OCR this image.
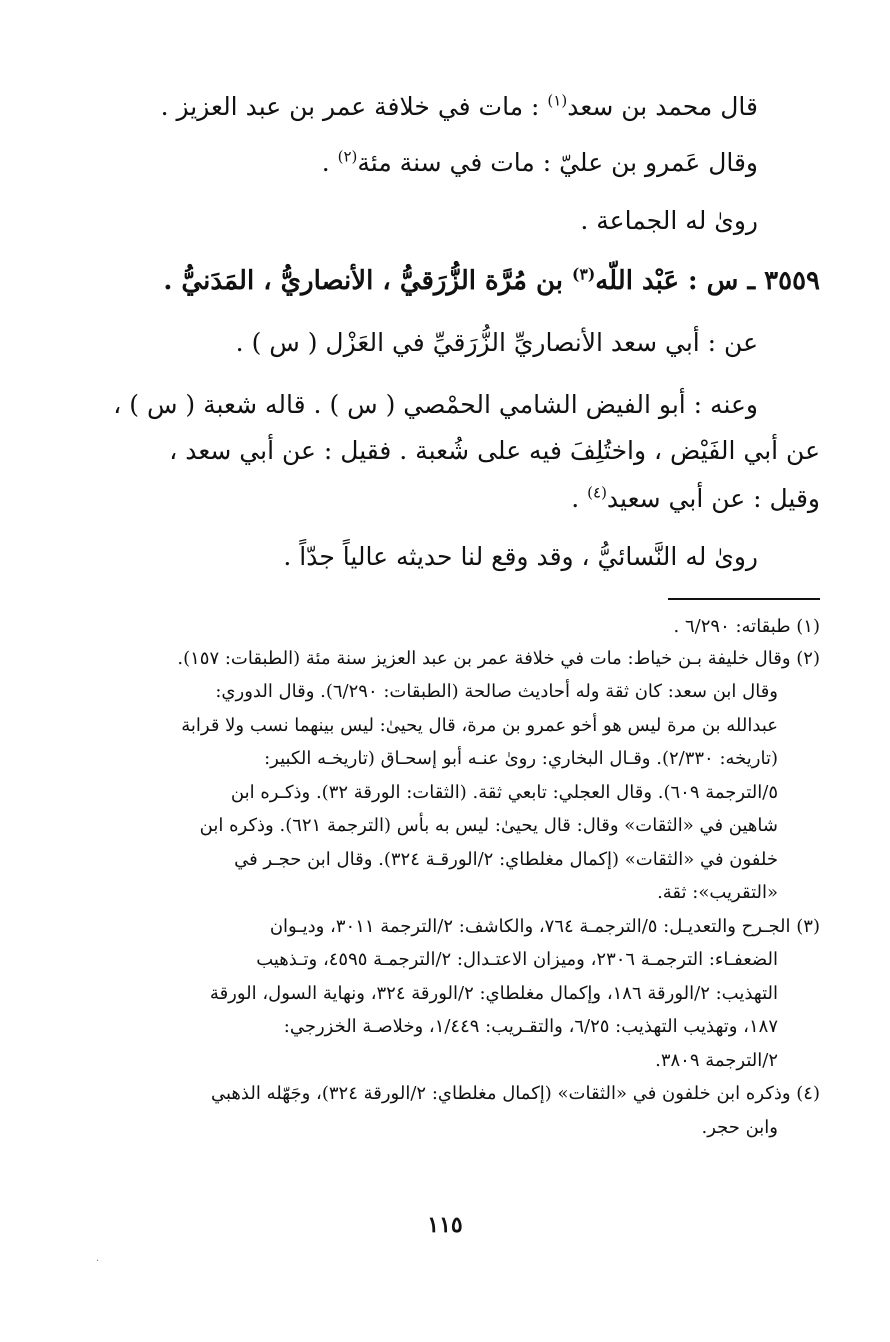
قال محمد بن سعد$^{(١)}$ : مات في خلافة عمر بن عبد العزيز .
وقال عَمرو بن عليّ : مات في سنة مئة$^{(٢)}$ .
رویٰ له الجماعة .
٣٥٥٩ ـ س : عَبْد اللّه$^{(٣)}$ بن مُرَّة الزُّرَقيُّ ، الأنصاريُّ ، المَدَنيُّ .
عن : أبي سعد الأنصاريِّ الزُّرَقيِّ في العَزْل ( س ) .
وعنه : أبو الفيض الشامي الحمْصي ( س ) . قاله شعبة ( س ) ،
عن أبي الفَيْض ، واختُلِفَ فيه على شُعبة . فقيل : عن أبي سعد ،
وقيل : عن أبي سعيد$^{(٤)}$ .
روىٰ له النَّسائيُّ ، وقد وقع لنا حديثه عالياً جدّاً .
(١) طبقاته: ٦/٢٩٠ .
(٢) وقال خليفة بـن خياط: مات في خلافة عمر بن عبد العزيز سنة مئة (الطبقات: ١٥٧).
وقال ابن سعد: كان ثقة وله أحاديث صالحة (الطبقات: ٦/٢٩٠). وقال الدوري:
عبدالله بن مرة ليس هو أخو عمرو بن مرة، قال يحيىٰ: ليس بينهما نسب ولا قرابة
(تاريخه: ٢/٣٣٠). وقـال البخاري: روىٰ عنـه أبو إسحـاق (تاريخـه الكبير:
٥/الترجمة ٦٠٩). وقال العجلي: تابعي ثقة. (الثقات: الورقة ٣٢). وذكـره ابن
شاهين في «الثقات» وقال: قال يحيىٰ: ليس به بأس (الترجمة ٦٢١). وذكره ابن
خلفون في «الثقات» (إكمال مغلطاي: ٢/الورقـة ٣٢٤). وقال ابن حجـر في
«التقريب»: ثقة.
(٣) الجـرح والتعديـل: ٥/الترجمـة ٧٦٤، والكاشف: ٢/الترجمة ٣٠١١، وديـوان
الضعفـاء: الترجمـة ٢٣٠٦، وميزان الاعتـدال: ٢/الترجمـة ٤٥٩٥، وتـذهيب
التهذيب: ٢/الورقة ١٨٦، وإكمال مغلطاي: ٢/الورقة ٣٢٤، ونهاية السول، الورقة
١٨٧، وتهذيب التهذيب: ٦/٢٥، والتقـريب: ١/٤٤٩، وخلاصـة الخزرجي:
٢/الترجمة ٣٨٠٩.
(٤) وذكره ابن خلفون في «الثقات» (إكمال مغلطاي: ٢/الورقة ٣٢٤)، وجَهّله الذهبي
وابن حجر.
١١٥
·
